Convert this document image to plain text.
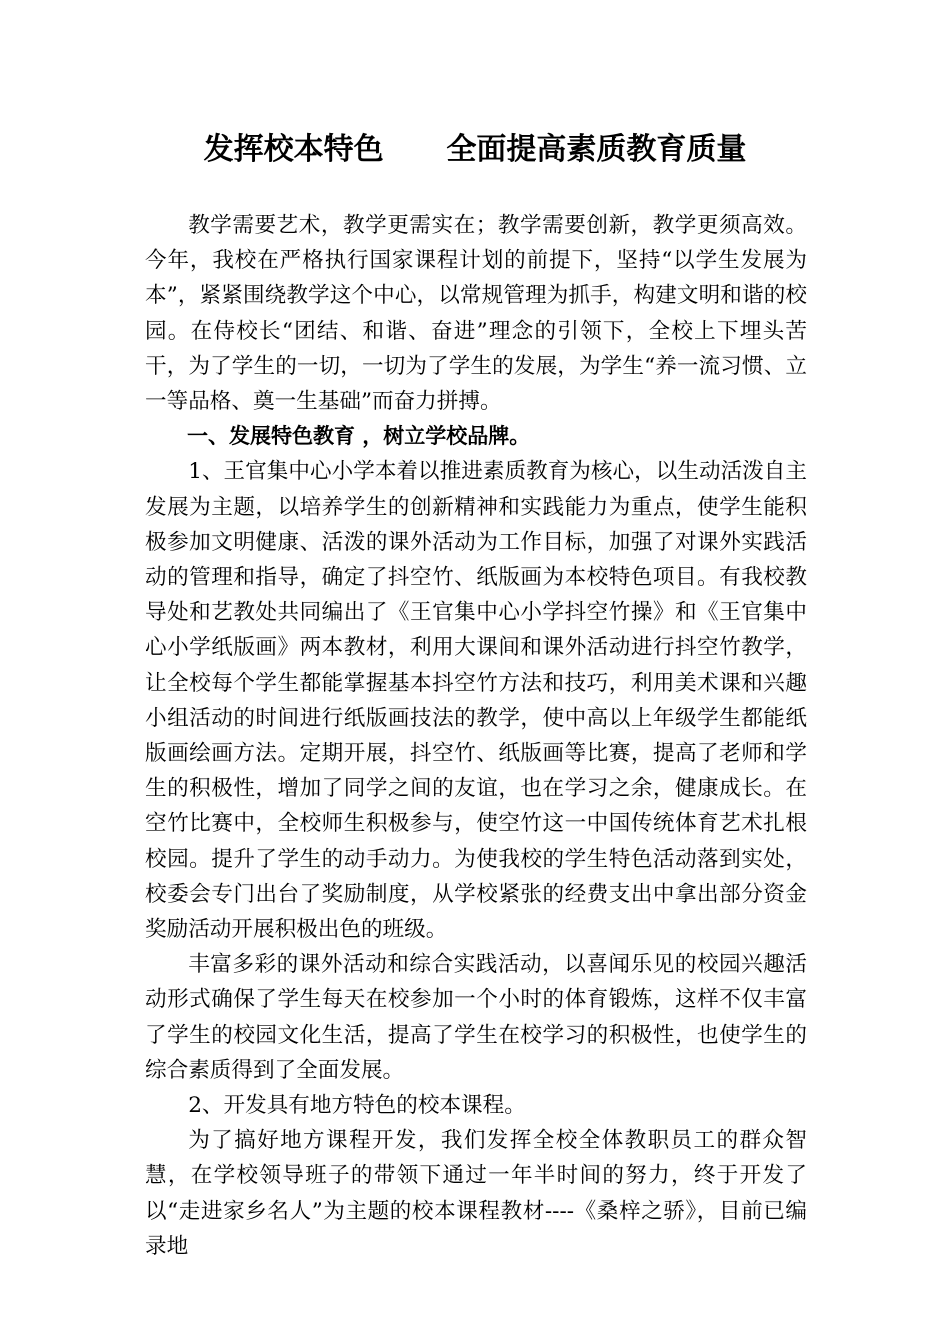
发挥校本特色 全面提高素质教育质量

教学需要艺术，教学更需实在；教学需要创新，教学更须高效。今年，我校在严格执行国家课程计划的前提下，坚持“以学生发展为本”，紧紧围绕教学这个中心，以常规管理为抓手，构建文明和谐的校园。在侍校长“团结、和谐、奋进”理念的引领下，全校上下埋头苦干，为了学生的一切，一切为了学生的发展，为学生“养一流习惯、立一等品格、奠一生基础”而奋力拼搏。

一、发展特色教育 ，树立学校品牌。

1、王官集中心小学本着以推进素质教育为核心，以生动活泼自主发展为主题，以培养学生的创新精神和实践能力为重点，使学生能积极参加文明健康、活泼的课外活动为工作目标，加强了对课外实践活动的管理和指导，确定了抖空竹、纸版画为本校特色项目。有我校教导处和艺教处共同编出了《王官集中心小学抖空竹操》和《王官集中心小学纸版画》两本教材，利用大课间和课外活动进行抖空竹教学，让全校每个学生都能掌握基本抖空竹方法和技巧，利用美术课和兴趣小组活动的时间进行纸版画技法的教学，使中高以上年级学生都能纸版画绘画方法。定期开展，抖空竹、纸版画等比赛，提高了老师和学生的积极性，增加了同学之间的友谊，也在学习之余，健康成长。在空竹比赛中，全校师生积极参与，使空竹这一中国传统体育艺术扎根校园。提升了学生的动手动力。为使我校的学生特色活动落到实处，校委会专门出台了奖励制度，从学校紧张的经费支出中拿出部分资金奖励活动开展积极出色的班级。

丰富多彩的课外活动和综合实践活动，以喜闻乐见的校园兴趣活动形式确保了学生每天在校参加一个小时的体育锻炼，这样不仅丰富了学生的校园文化生活，提高了学生在校学习的积极性，也使学生的综合素质得到了全面发展。

2、开发具有地方特色的校本课程。

为了搞好地方课程开发，我们发挥全校全体教职员工的群众智慧，在学校领导班子的带领下通过一年半时间的努力，终于开发了以“走进家乡名人”为主题的校本课程教材----《桑梓之骄》，目前已编录地
